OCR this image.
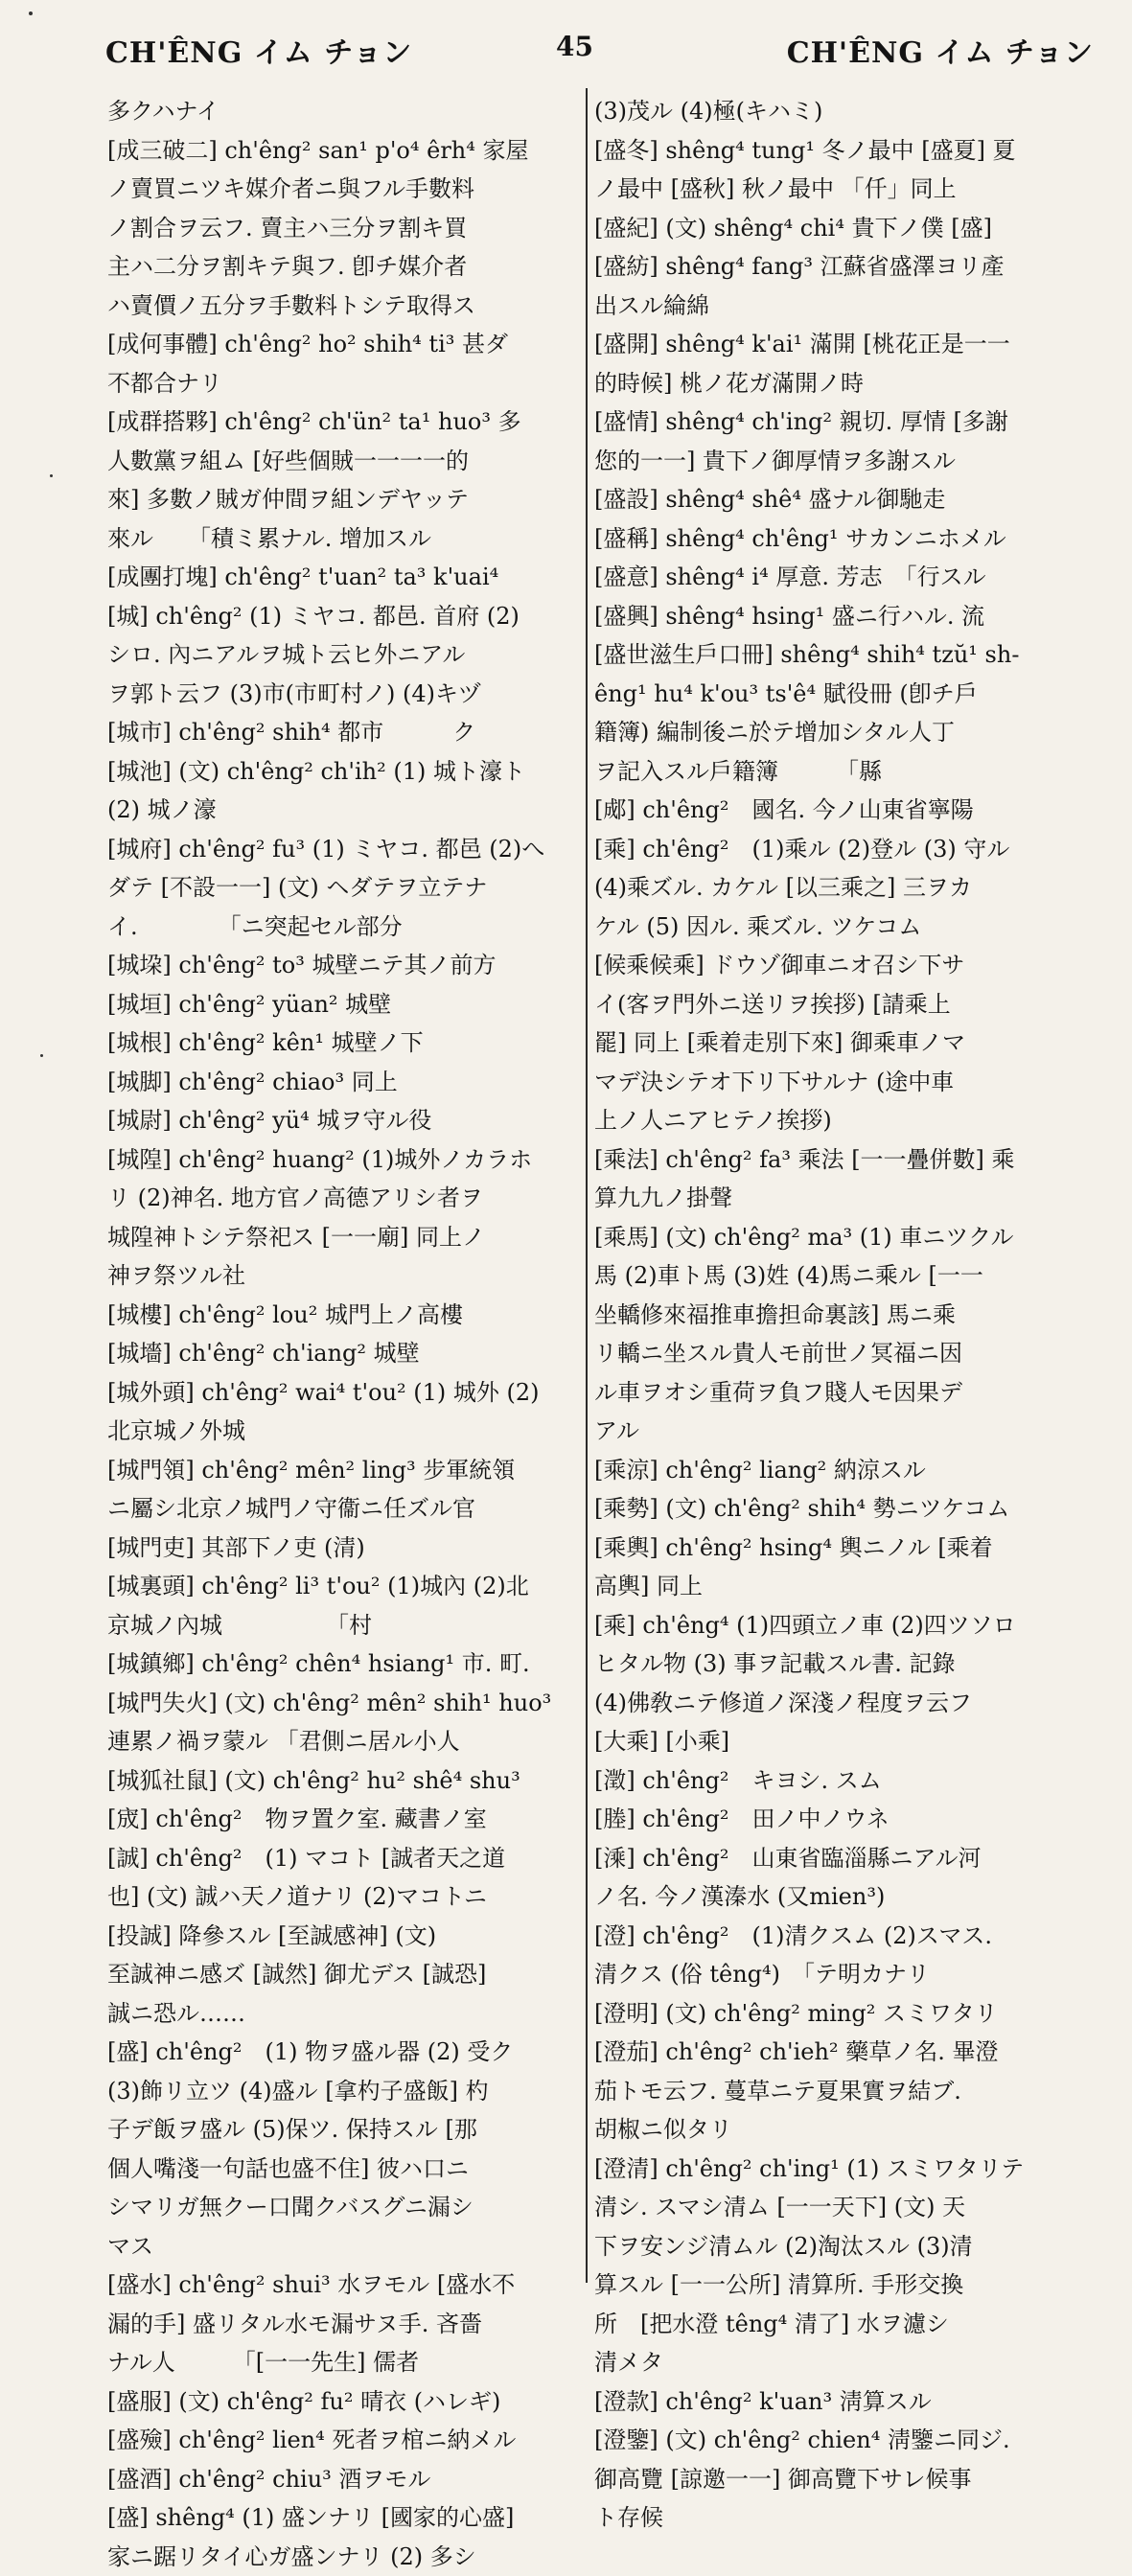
CH'ÊNG イム チョン	45	CH'ÊNG イム チョン
多クハナイ
[成三破二] ch'êng² san¹ p'o⁴ êrh⁴ 家屋
ノ賣買ニツキ媒介者ニ與フル手數料
ノ割合ヲ云フ. 賣主ハ三分ヲ割キ買
主ハ二分ヲ割キテ與フ. 卽チ媒介者
ハ賣價ノ五分ヲ手數料トシテ取得ス
[成何事體] ch'êng² ho² shih⁴ ti³ 甚ダ
不都合ナリ
[成群搭夥] ch'êng² ch'ün² ta¹ huo³ 多
人數黨ヲ組ム [好些個賊一一一一的
來] 多數ノ賊ガ仲間ヲ組ンデヤッテ
來ル　　「積ミ累ナル. 增加スル
[成團打塊] ch'êng² t'uan² ta³ k'uai⁴
[城] ch'êng² (1) ミヤコ. 都邑. 首府 (2)
シロ. 內ニアルヲ城ト云ヒ外ニアル
ヲ郭ト云フ (3)市(市町村ノ) (4)キヅ
[城市] ch'êng² shih⁴ 都市　　　ク
[城池] (文) ch'êng² ch'ih² (1) 城ト濠ト
(2) 城ノ濠
[城府] ch'êng² fu³ (1) ミヤコ. 都邑 (2)へ
ダテ [不設一一] (文) ヘダテヲ立テナ
イ.　　　　「ニ突起セル部分
[城垜] ch'êng² to³ 城壁ニテ其ノ前方
[城垣] ch'êng² yüan² 城壁
[城根] ch'êng² kên¹ 城壁ノ下
[城脚] ch'êng² chiao³ 同上
[城尉] ch'êng² yü⁴ 城ヲ守ル役
[城隍] ch'êng² huang² (1)城外ノカラホ
リ (2)神名. 地方官ノ高德アリシ者ヲ
城隍神トシテ祭祀ス [一一廟] 同上ノ
神ヲ祭ツル社
[城樓] ch'êng² lou² 城門上ノ高樓
[城墻] ch'êng² ch'iang² 城壁
[城外頭] ch'êng² wai⁴ t'ou² (1) 城外 (2)
北京城ノ外城
[城門領] ch'êng² mên² ling³ 步軍統領
ニ屬シ北京ノ城門ノ守衞ニ任ズル官
[城門吏] 其部下ノ吏 (清)
[城裏頭] ch'êng² li³ t'ou² (1)城內 (2)北
京城ノ內城　　　　　「村
[城鎮鄉] ch'êng² chên⁴ hsiang¹ 市. 町.
[城門失火] (文) ch'êng² mên² shih¹ huo³
連累ノ禍ヲ蒙ル 「君側ニ居ル小人
[城狐社鼠] (文) ch'êng² hu² shê⁴ shu³
[宬] ch'êng²　物ヲ置ク室. 藏書ノ室
[誠] ch'êng²　(1) マコト [誠者天之道
也] (文) 誠ハ天ノ道ナリ (2)マコトニ
[投誠] 降參スル [至誠感神] (文)
至誠神ニ感ズ [誠然] 御尤デス [誠恐]
誠ニ恐ル……
[盛] ch'êng²　(1) 物ヲ盛ル器 (2) 受ク
(3)飾リ立ツ (4)盛ル [拿杓子盛飯] 杓
子デ飯ヲ盛ル (5)保ツ. 保持スル [那
個人嘴淺一句話也盛不住] 彼ハ口ニ
シマリガ無クー口聞クバスグニ漏シ
マス
[盛水] ch'êng² shui³ 水ヲモル [盛水不
漏的手] 盛リタル水モ漏サヌ手. 吝嗇
ナル人　　　「[一一先生] 儒者
[盛服] (文) ch'êng² fu² 晴衣 (ハレギ)
[盛殮] ch'êng² lien⁴ 死者ヲ棺ニ納メル
[盛酒] ch'êng² chiu³ 酒ヲモル
[盛] shêng⁴ (1) 盛ンナリ [國家的心盛]
家ニ踞リタイ心ガ盛ンナリ (2) 多シ
(3)茂ル (4)極(キハミ)
[盛冬] shêng⁴ tung¹ 冬ノ最中 [盛夏] 夏
ノ最中 [盛秋] 秋ノ最中 「仟」同上
[盛紀] (文) shêng⁴ chi⁴ 貴下ノ僕 [盛]
[盛紡] shêng⁴ fang³ 江蘇省盛澤ヨリ產
出スル綸綿
[盛開] shêng⁴ k'ai¹ 滿開 [桃花正是一一
的時候] 桃ノ花ガ滿開ノ時
[盛情] shêng⁴ ch'ing² 親切. 厚情 [多謝
您的一一] 貴下ノ御厚情ヲ多謝スル
[盛設] shêng⁴ shê⁴ 盛ナル御馳走
[盛稱] shêng⁴ ch'êng¹ サカンニホメル
[盛意] shêng⁴ i⁴ 厚意. 芳志　「行スル
[盛興] shêng⁴ hsing¹ 盛ニ行ハル. 流
[盛世滋生戶口冊] shêng⁴ shih⁴ tzŭ¹ sh-
êng¹ hu⁴ k'ou³ ts'ê⁴ 賦役冊 (卽チ戶
籍簿) 編制後ニ於テ增加シタル人丁
ヲ記入スル戶籍簿　　　「縣
[郕] ch'êng²　國名. 今ノ山東省寧陽
[乘] ch'êng²　(1)乘ル (2)登ル (3) 守ル
(4)乘ズル. カケル [以三乘之] 三ヲカ
ケル (5) 因ル. 乘ズル. ツケコム
[候乘候乘] ドウゾ御車ニオ召シ下サ
イ(客ヲ門外ニ送リヲ挨拶) [請乘上
罷] 同上 [乘着走別下來] 御乘車ノマ
マデ決シテオ下リ下サルナ (途中車
上ノ人ニアヒテノ挨拶)
[乘法] ch'êng² fa³ 乘法 [一一疊併數] 乘
算九九ノ掛聲
[乘馬] (文) ch'êng² ma³ (1) 車ニツクル
馬 (2)車ト馬 (3)姓 (4)馬ニ乘ル [一一
坐轎修來福推車擔担命裏該] 馬ニ乘
リ轎ニ坐スル貴人モ前世ノ冥福ニ因
ル車ヲオシ重荷ヲ負フ賤人モ因果デ
アル
[乘涼] ch'êng² liang² 納涼スル
[乘勢] (文) ch'êng² shih⁴ 勢ニツケコム
[乘輿] ch'êng² hsing⁴ 輿ニノル [乘着
高輿] 同上
[乘] ch'êng⁴ (1)四頭立ノ車 (2)四ツソロ
ヒタル物 (3) 事ヲ記載スル書. 記錄
(4)佛敎ニテ修道ノ深淺ノ程度ヲ云フ
[大乘] [小乘]
[澂] ch'êng²　キヨシ. スム
[塍] ch'êng²　田ノ中ノウネ
[溗] ch'êng²　山東省臨淄縣ニアル河
ノ名. 今ノ漢溱水 (又mien³)
[澄] ch'êng²　(1)清クスム (2)スマス.
清クス (俗 têng⁴)　「テ明カナリ
[澄明] (文) ch'êng² ming² スミワタリ
[澄茄] ch'êng² ch'ieh² 藥草ノ名. 畢澄
茄トモ云フ. 蔓草ニテ夏果實ヲ結ブ.
胡椒ニ似タリ
[澄清] ch'êng² ch'ing¹ (1) スミワタリテ
清シ. スマシ清ム [一一天下] (文) 天
下ヲ安ンジ清ムル (2)淘汰スル (3)清
算スル [一一公所] 清算所. 手形交換
所　[把水澄 têng⁴ 清了] 水ヲ濾シ
清メタ
[澄款] ch'êng² k'uan³ 淸算スル
[澄鑒] (文) ch'êng² chien⁴ 淸鑒ニ同ジ.
御高覽 [諒邀一一] 御高覽下サレ候事
ト存候
